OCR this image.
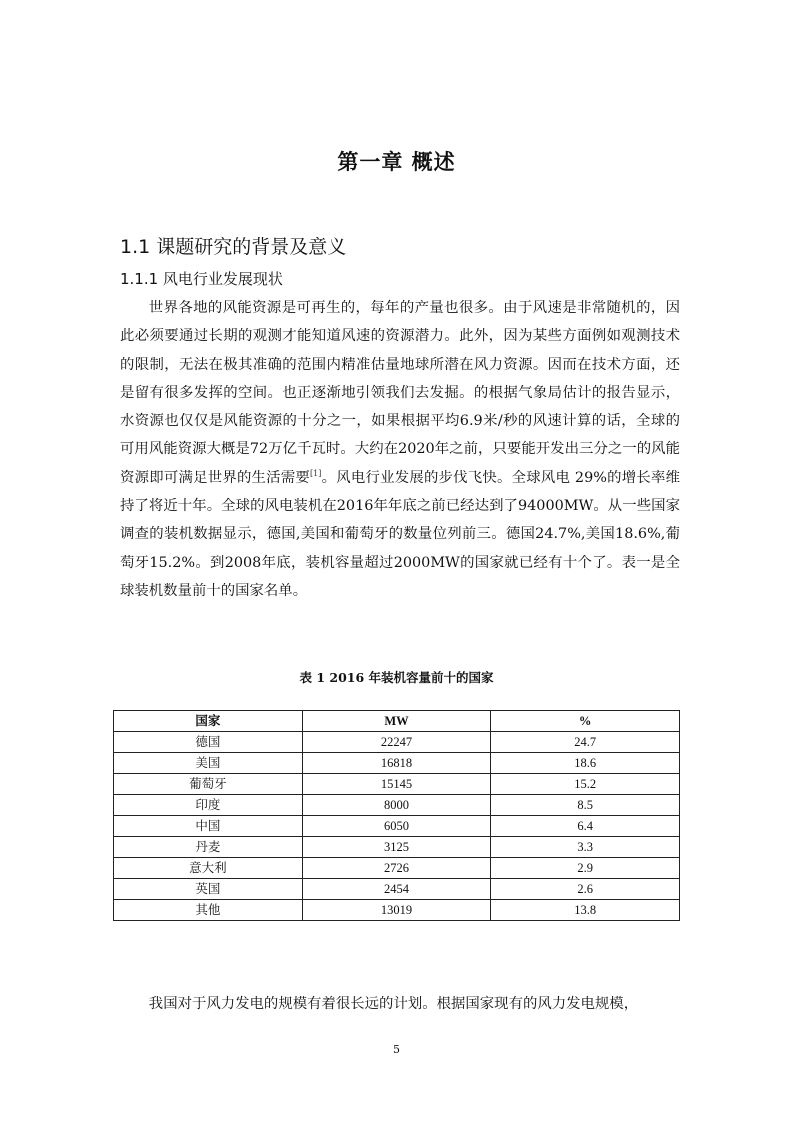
第一章 概述
1.1 课题研究的背景及意义
1.1.1 风电行业发展现状

世界各地的风能资源是可再生的，每年的产量也很多。由于风速是非常随机的，因此必须要通过长期的观测才能知道风速的资源潜力。此外，因为某些方面例如观测技术的限制，无法在极其准确的范围内精准估量地球所潜在风力资源。因而在技术方面，还是留有很多发挥的空间。也正逐渐地引领我们去发掘。的根据气象局估计的报告显示，水资源也仅仅是风能资源的十分之一，如果根据平均6.9米/秒的风速计算的话，全球的可用风能资源大概是72万亿千瓦时。大约在2020年之前，只要能开发出三分之一的风能资源即可满足世界的生活需要[1]。风电行业发展的步伐飞快。全球风电 29%的增长率维持了将近十年。全球的风电装机在2016年年底之前已经达到了94000MW。从一些国家调查的装机数据显示，德国,美国和葡萄牙的数量位列前三。德国24.7%,美国18.6%,葡萄牙15.2%。到2008年底，装机容量超过2000MW的国家就已经有十个了。表一是全球装机数量前十的国家名单。

表 1 2016 年装机容量前十的国家

国家	MW	%
德国	22247	24.7
美国	16818	18.6
葡萄牙	15145	15.2
印度	8000	8.5
中国	6050	6.4
丹麦	3125	3.3
意大利	2726	2.9
英国	2454	2.6
其他	13019	13.8

我国对于风力发电的规模有着很长远的计划。根据国家现有的风力发电规模，

5
